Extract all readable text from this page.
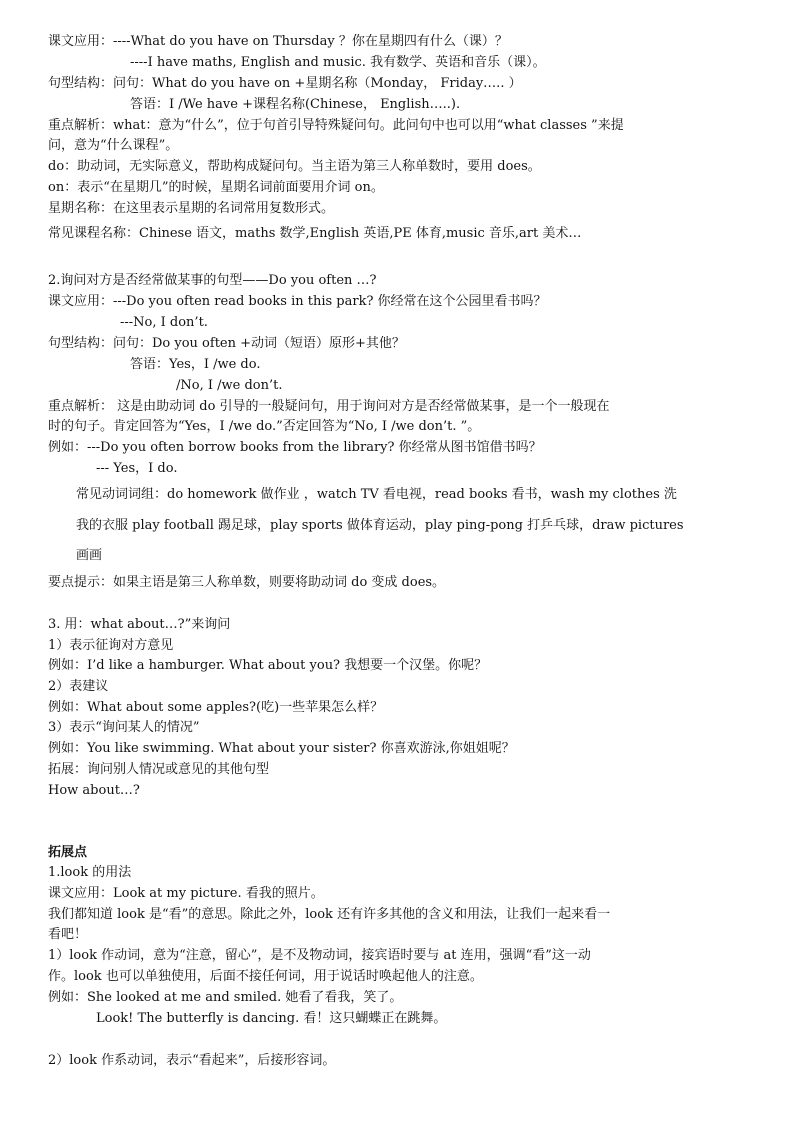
课文应用：----What do you have on Thursday ？你在星期四有什么（课）？
----I have maths, English and music. 我有数学、英语和音乐（课）。
句型结构：问句：What do you have on +星期名称（Monday， Friday….. ）
答语：I /We have +课程名称(Chinese， English…..).
重点解析：what：意为“什么”，位于句首引导特殊疑问句。此问句中也可以用“what classes ”来提
问，意为“什么课程”。
do：助动词，无实际意义，帮助构成疑问句。当主语为第三人称单数时，要用 does。
on：表示“在星期几”的时候，星期名词前面要用介词 on。
星期名称：在这里表示星期的名词常用复数形式。
常见课程名称：Chinese 语文，maths 数学,English 英语,PE 体育,music 音乐,art 美术…
2.询问对方是否经常做某事的句型——Do you often …?
课文应用：---Do you often read books in this park? 你经常在这个公园里看书吗？
---No, I don’t.
句型结构：问句：Do you often +动词（短语）原形+其他？
答语：Yes，I /we do.
/No, I /we don’t.
重点解析： 这是由助动词 do 引导的一般疑问句，用于询问对方是否经常做某事，是一个一般现在
时的句子。肯定回答为“Yes，I /we do.”否定回答为“No, I /we don’t. ”。
例如：---Do you often borrow books from the library? 你经常从图书馆借书吗？
--- Yes，I do.
常见动词词组：do homework 做作业 ，watch TV 看电视，read books 看书，wash my clothes 洗
我的衣服 play football 踢足球，play sports 做体育运动，play ping-pong 打乒乓球，draw pictures
画画
要点提示：如果主语是第三人称单数，则要将助动词 do 变成 does。
3. 用：what about…?”来询问
1）表示征询对方意见
例如：I’d like a hamburger. What about you? 我想要一个汉堡。你呢？
2）表建议
例如：What about some apples?(吃)一些苹果怎么样？
3）表示“询问某人的情况”
例如：You like swimming. What about your sister? 你喜欢游泳,你姐姐呢？
拓展：询问别人情况或意见的其他句型
How about…?
拓展点
1.look 的用法
课文应用：Look at my picture. 看我的照片。
我们都知道 look 是“看”的意思。除此之外，look 还有许多其他的含义和用法，让我们一起来看一
看吧！
1）look 作动词，意为“注意，留心”，是不及物动词，接宾语时要与 at 连用，强调“看”这一动
作。look 也可以单独使用，后面不接任何词，用于说话时唤起他人的注意。
例如：She looked at me and smiled. 她看了看我，笑了。
Look! The butterfly is dancing. 看！这只蝴蝶正在跳舞。
2）look 作系动词，表示“看起来”，后接形容词。
